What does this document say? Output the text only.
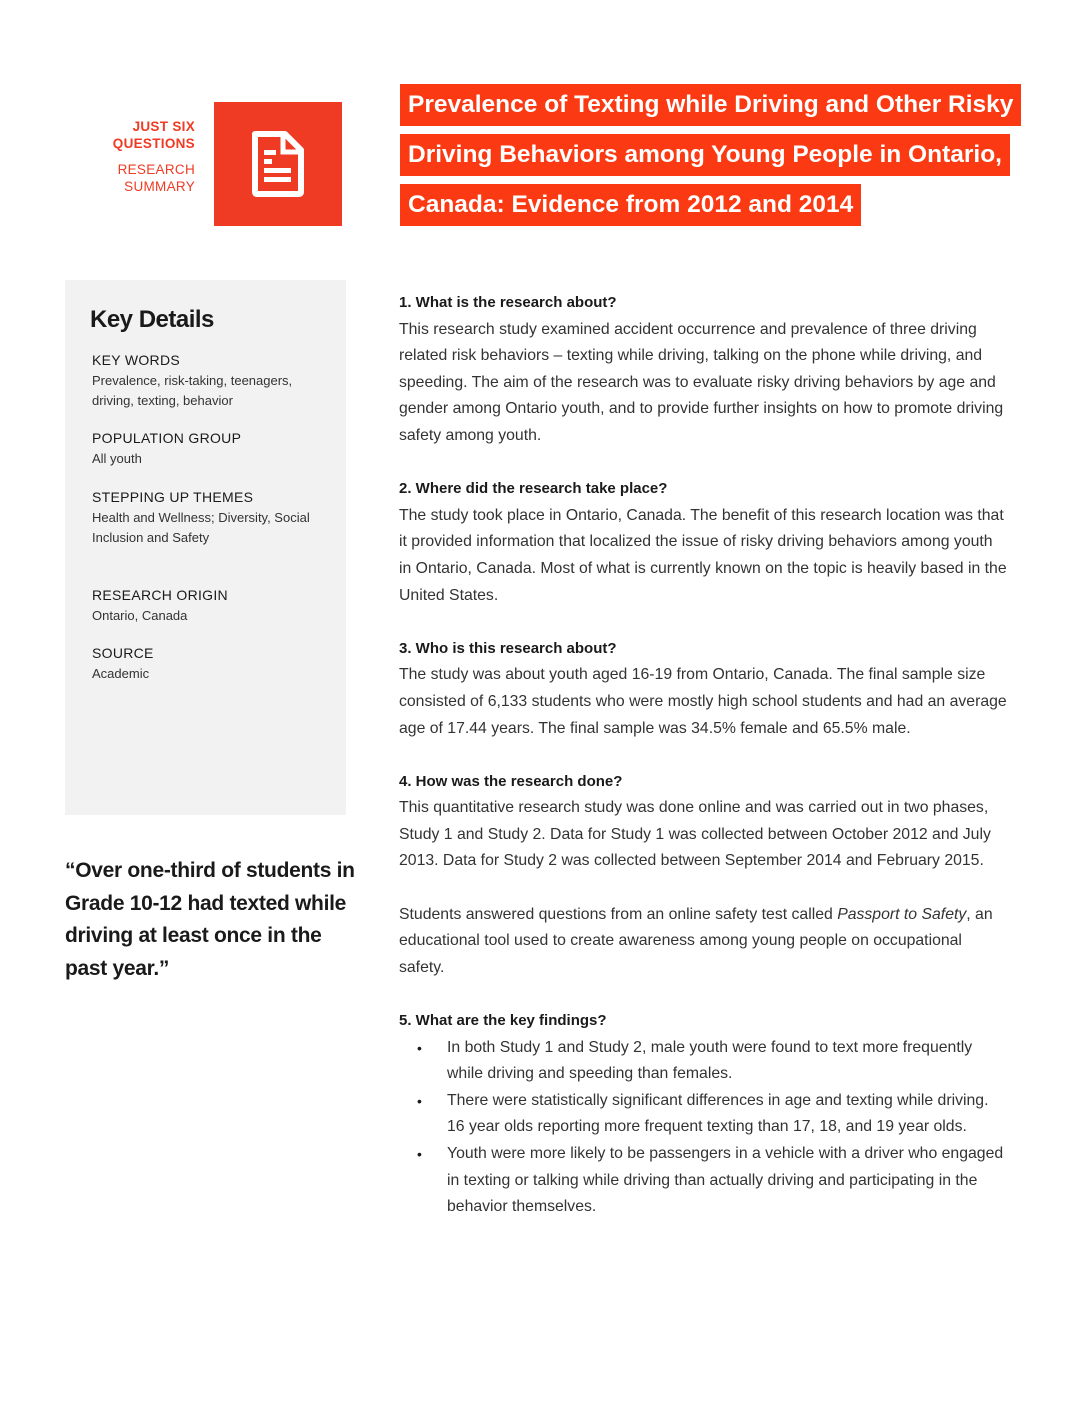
JUST SIX
QUESTIONS
RESEARCH
SUMMARY
Prevalence of Texting while Driving and Other Risky
Driving Behaviors among Young People in Ontario,
Canada: Evidence from 2012 and 2014
Key Details
KEY WORDS
Prevalence, risk-taking, teenagers, driving, texting, behavior
POPULATION GROUP
All youth
STEPPING UP THEMES
Health and Wellness; Diversity, Social Inclusion and Safety
RESEARCH ORIGIN
Ontario, Canada
SOURCE
Academic
“Over one-third of students in Grade 10-12 had texted while driving at least once in the past year.”
1. What is the research about?
This research study examined accident occurrence and prevalence of three driving related risk behaviors – texting while driving, talking on the phone while driving, and speeding. The aim of the research was to evaluate risky driving behaviors by age and gender among Ontario youth, and to provide further insights on how to promote driving safety among youth.
2. Where did the research take place?
The study took place in Ontario, Canada. The benefit of this research location was that it provided information that localized the issue of risky driving behaviors among youth in Ontario, Canada. Most of what is currently known on the topic is heavily based in the United States.
3. Who is this research about?
The study was about youth aged 16-19 from Ontario, Canada. The final sample size consisted of 6,133 students who were mostly high school students and had an average age of 17.44 years. The final sample was 34.5% female and 65.5% male.
4. How was the research done?
This quantitative research study was done online and was carried out in two phases, Study 1 and Study 2. Data for Study 1 was collected between October 2012 and July 2013. Data for Study 2 was collected between September 2014 and February 2015.
Students answered questions from an online safety test called Passport to Safety, an educational tool used to create awareness among young people on occupational safety.
5. What are the key findings?
• In both Study 1 and Study 2, male youth were found to text more frequently while driving and speeding than females.
• There were statistically significant differences in age and texting while driving. 16 year olds reporting more frequent texting than 17, 18, and 19 year olds.
• Youth were more likely to be passengers in a vehicle with a driver who engaged in texting or talking while driving than actually driving and participating in the behavior themselves.
